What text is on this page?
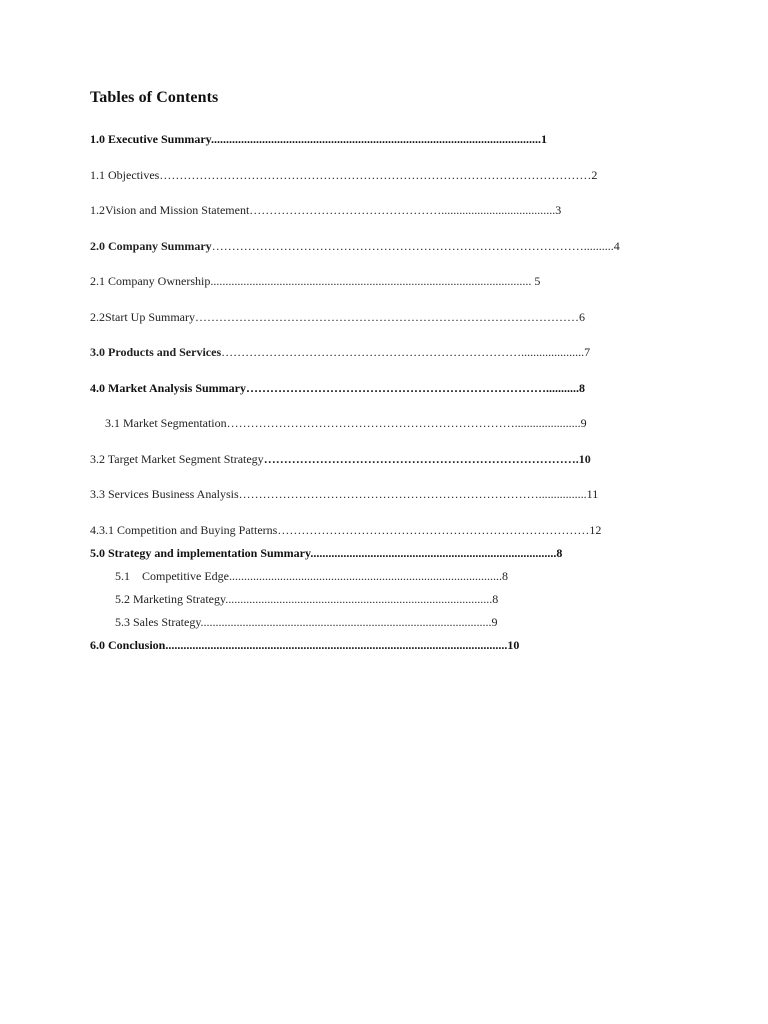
Tables of Contents
1.0 Executive Summary..............................................................................................................1
1.1 Objectives………………………………………………………………………………………………2
1.2Vision and Mission Statement…………………………………………......................................3
2.0 Company Summary…………………………………………………………………………………..........4
2.1 Company Ownership........................................................................................................... 5
2.2Start Up Summary……………………………………………………………………………………6
3.0 Products and Services………………………………………………………………….....................7
4.0 Market Analysis Summary…………………………………………………………………...........8
3.1 Market Segmentation………………………………………………………………......................9
3.2 Target Market Segment Strategy…………………………………………………………………….10
3.3 Services Business Analysis…………………………………………………………………................11
4.3.1 Competition and Buying Patterns……………………………………………………………………12
5.0 Strategy and implementation Summary..................................................................................8
5.1    Competitive Edge...........................................................................................8
5.2 Marketing Strategy.........................................................................................8
5.3 Sales Strategy.................................................................................................9
6.0 Conclusion..................................................................................................................10
